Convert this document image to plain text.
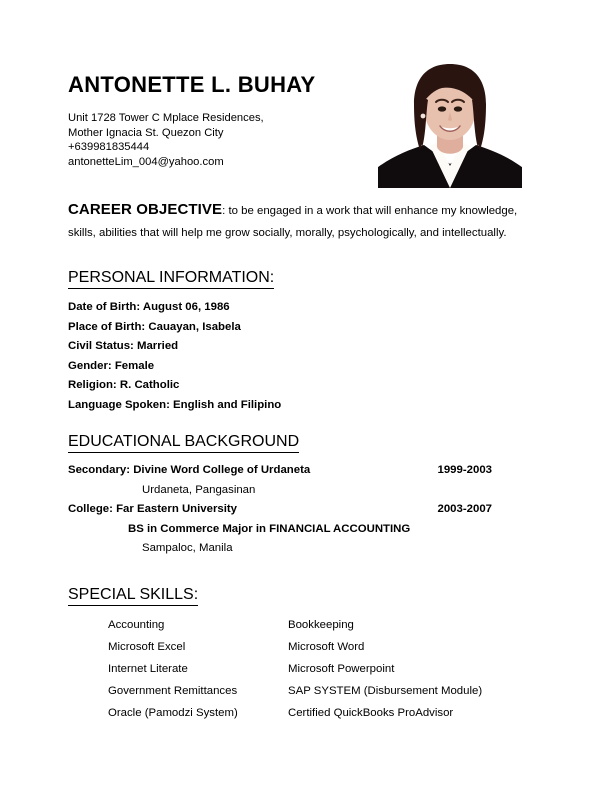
ANTONETTE L. BUHAY
Unit 1728 Tower C Mplace Residences,
Mother Ignacia St. Quezon City
+639981835444
antonetteLim_004@yahoo.com
CAREER OBJECTIVE: to be engaged in a work that will enhance my knowledge, skills, abilities that will help me grow socially, morally, psychologically, and intellectually.
PERSONAL INFORMATION:
Date of Birth: August 06, 1986
Place of Birth: Cauayan, Isabela
Civil Status: Married
Gender: Female
Religion: R. Catholic
Language Spoken: English and Filipino
EDUCATIONAL BACKGROUND
Secondary: Divine Word College of Urdaneta	1999-2003
Urdaneta, Pangasinan
College: Far Eastern University	2003-2007
BS in Commerce Major in FINANCIAL ACCOUNTING
Sampaloc, Manila
SPECIAL SKILLS:
Accounting	Bookkeeping
Microsoft Excel	Microsoft Word
Internet Literate	Microsoft Powerpoint
Government Remittances	SAP SYSTEM (Disbursement Module)
Oracle (Pamodzi System)	Certified QuickBooks ProAdvisor
